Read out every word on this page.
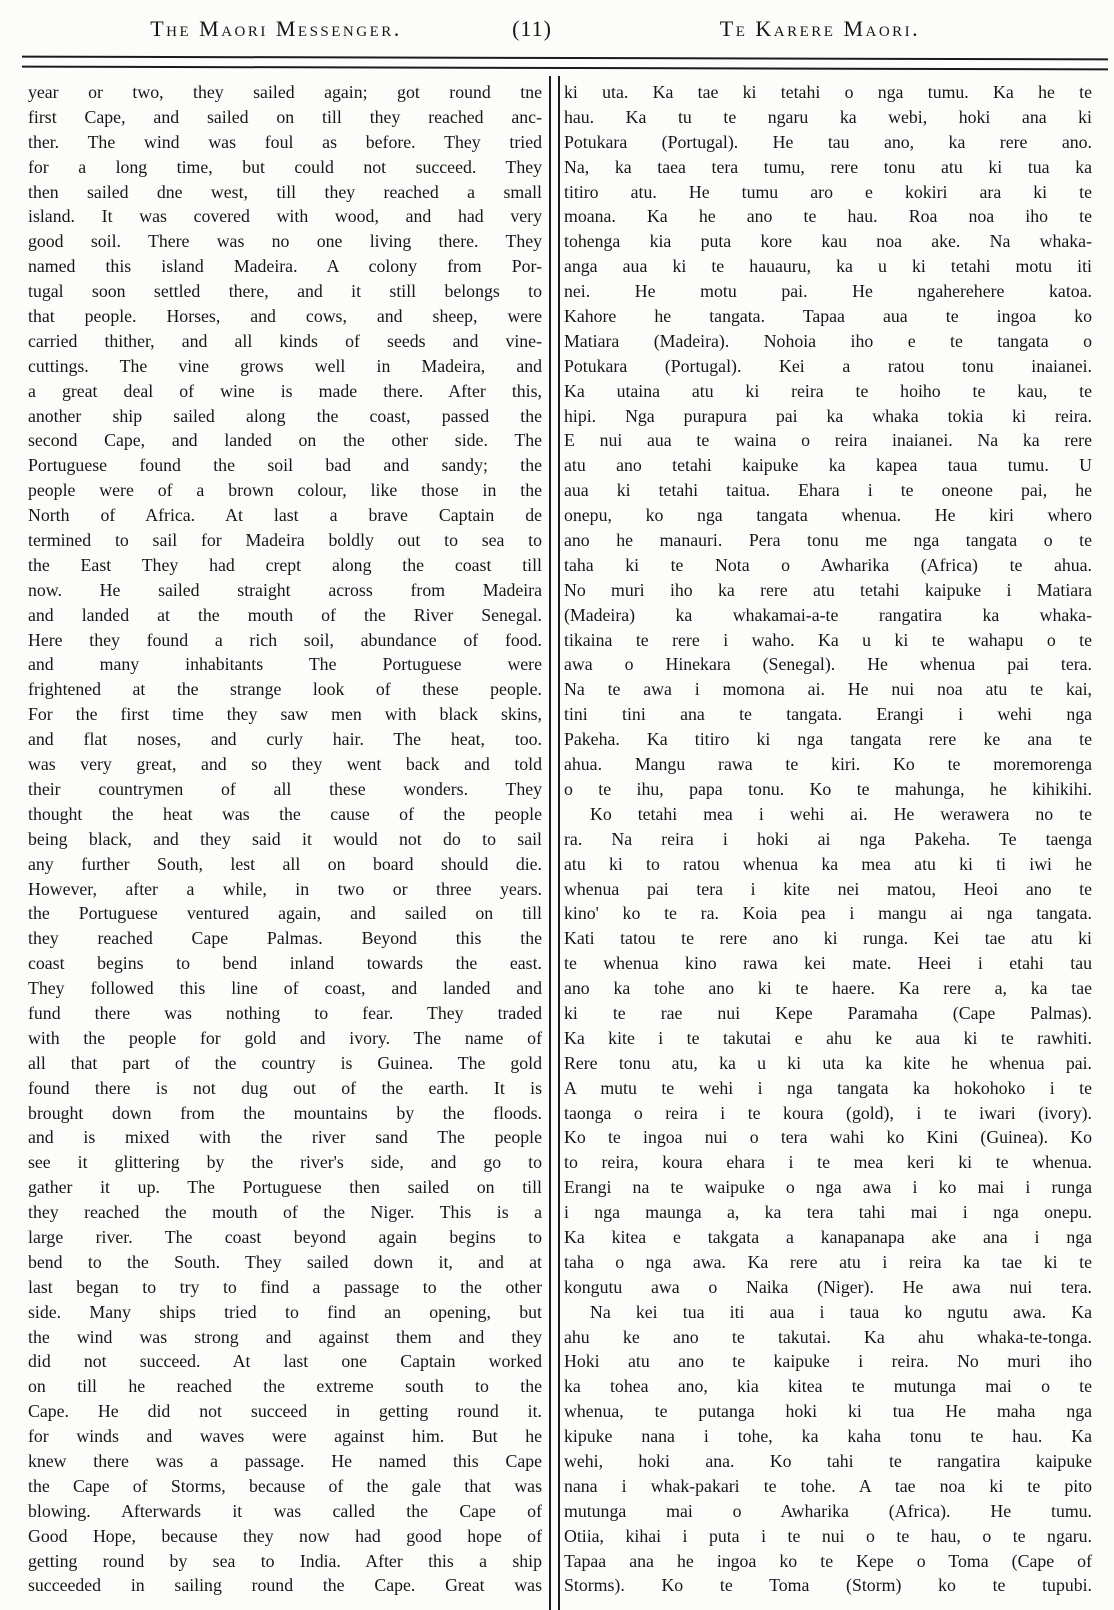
The Maori Messenger.	(11)	Te Karere Maori.
year or two, they sailed again; got round tne
first Cape, and sailed on till they reached anc-
ther. The wind was foul as before. They tried
for a long time, but could not succeed. They
then sailed dne west, till they reached a small
island. It was covered with wood, and had very
good soil. There was no one living there. They
named this island Madeira. A colony from Por-
tugal soon settled there, and it still belongs to
that people. Horses, and cows, and sheep, were
carried thither, and all kinds of seeds and vine-
cuttings. The vine grows well in Madeira, and
a great deal of wine is made there. After this,
another ship sailed along the coast, passed the
second Cape, and landed on the other side. The
Portuguese found the soil bad and sandy; the
people were of a brown colour, like those in the
North of Africa. At last a brave Captain de
termined to sail for Madeira boldly out to sea to
the East They had crept along the coast till
now. He sailed straight across from Madeira
and landed at the mouth of the River Senegal.
Here they found a rich soil, abundance of food.
and many inhabitants The Portuguese were
frightened at the strange look of these people.
For the first time they saw men with black skins,
and flat noses, and curly hair. The heat, too.
was very great, and so they went back and told
their countrymen of all these wonders. They
thought the heat was the cause of the people
being black, and they said it would not do to sail
any further South, lest all on board should die.
However, after a while, in two or three years.
the Portuguese ventured again, and sailed on till
they reached Cape Palmas. Beyond this the
coast begins to bend inland towards the east.
They followed this line of coast, and landed and
fund there was nothing to fear. They traded
with the people for gold and ivory. The name of
all that part of the country is Guinea. The gold
found there is not dug out of the earth. It is
brought down from the mountains by the floods.
and is mixed with the river sand The people
see it glittering by the river's side, and go to
gather it up. The Portuguese then sailed on till
they reached the mouth of the Niger. This is a
large river. The coast beyond again begins to
bend to the South. They sailed down it, and at
last began to try to find a passage to the other
side. Many ships tried to find an opening, but
the wind was strong and against them and they
did not succeed. At last one Captain worked
on till he reached the extreme south to the
Cape. He did not succeed in getting round it.
for winds and waves were against him. But he
knew there was a passage. He named this Cape
the Cape of Storms, because of the gale that was
blowing. Afterwards it was called the Cape of
Good Hope, because they now had good hope of
getting round by sea to India. After this a ship
succeeded in sailing round the Cape. Great was
ki uta. Ka tae ki tetahi o nga tumu. Ka he te
hau. Ka tu te ngaru ka webi, hoki ana ki
Potukara (Portugal). He tau ano, ka rere ano.
Na, ka taea tera tumu, rere tonu atu ki tua ka
titiro atu. He tumu aro e kokiri ara ki te
moana. Ka he ano te hau. Roa noa iho te
tohenga kia puta kore kau noa ake. Na whaka-
anga aua ki te hauauru, ka u ki tetahi motu iti
nei. He motu pai. He ngaherehere katoa.
Kahore he tangata. Tapaa aua te ingoa ko
Matiara (Madeira). Nohoia iho e te tangata o
Potukara (Portugal). Kei a ratou tonu inaianei.
Ka utaina atu ki reira te hoiho te kau, te
hipi. Nga purapura pai ka whaka tokia ki reira.
E nui aua te waina o reira inaianei. Na ka rere
atu ano tetahi kaipuke ka kapea taua tumu. U
aua ki tetahi taitua. Ehara i te oneone pai, he
onepu, ko nga tangata whenua. He kiri whero
ano he manauri. Pera tonu me nga tangata o te
taha ki te Nota o Awharika (Africa) te ahua.
No muri iho ka rere atu tetahi kaipuke i Matiara
(Madeira) ka whakamai-a-te rangatira ka whaka-
tikaina te rere i waho. Ka u ki te wahapu o te
awa o Hinekara (Senegal). He whenua pai tera.
Na te awa i momona ai. He nui noa atu te kai,
tini tini ana te tangata. Erangi i wehi nga
Pakeha. Ka titiro ki nga tangata rere ke ana te
ahua. Mangu rawa te kiri. Ko te moremorenga
o te ihu, papa tonu. Ko te mahunga, he kihikihi.
Ko tetahi mea i wehi ai. He werawera no te
ra. Na reira i hoki ai nga Pakeha. Te taenga
atu ki to ratou whenua ka mea atu ki ti iwi he
whenua pai tera i kite nei matou, Heoi ano te
kino' ko te ra. Koia pea i mangu ai nga tangata.
Kati tatou te rere ano ki runga. Kei tae atu ki
te whenua kino rawa kei mate. Heei i etahi tau
ano ka tohe ano ki te haere. Ka rere a, ka tae
ki te rae nui Kepe Paramaha (Cape Palmas).
Ka kite i te takutai e ahu ke aua ki te rawhiti.
Rere tonu atu, ka u ki uta ka kite he whenua pai.
A mutu te wehi i nga tangata ka hokohoko i te
taonga o reira i te koura (gold), i te iwari (ivory).
Ko te ingoa nui o tera wahi ko Kini (Guinea). Ko
to reira, koura ehara i te mea keri ki te whenua.
Erangi na te waipuke o nga awa i ko mai i runga
i nga maunga a, ka tera tahi mai i nga onepu.
Ka kitea e takgata a kanapanapa ake ana i nga
taha o nga awa. Ka rere atu i reira ka tae ki te
kongutu awa o Naika (Niger). He awa nui tera.
Na kei tua iti aua i taua ko ngutu awa. Ka
ahu ke ano te takutai. Ka ahu whaka-te-tonga.
Hoki atu ano te kaipuke i reira. No muri iho
ka tohea ano, kia kitea te mutunga mai o te
whenua, te putanga hoki ki tua He maha nga
kipuke nana i tohe, ka kaha tonu te hau. Ka
wehi, hoki ana. Ko tahi te rangatira kaipuke
nana i whak-pakari te tohe. A tae noa ki te pito
mutunga mai o Awharika (Africa). He tumu.
Otiia, kihai i puta i te nui o te hau, o te ngaru.
Tapaa ana he ingoa ko te Kepe o Toma (Cape of
Storms). Ko te Toma (Storm) ko te tupubi.
